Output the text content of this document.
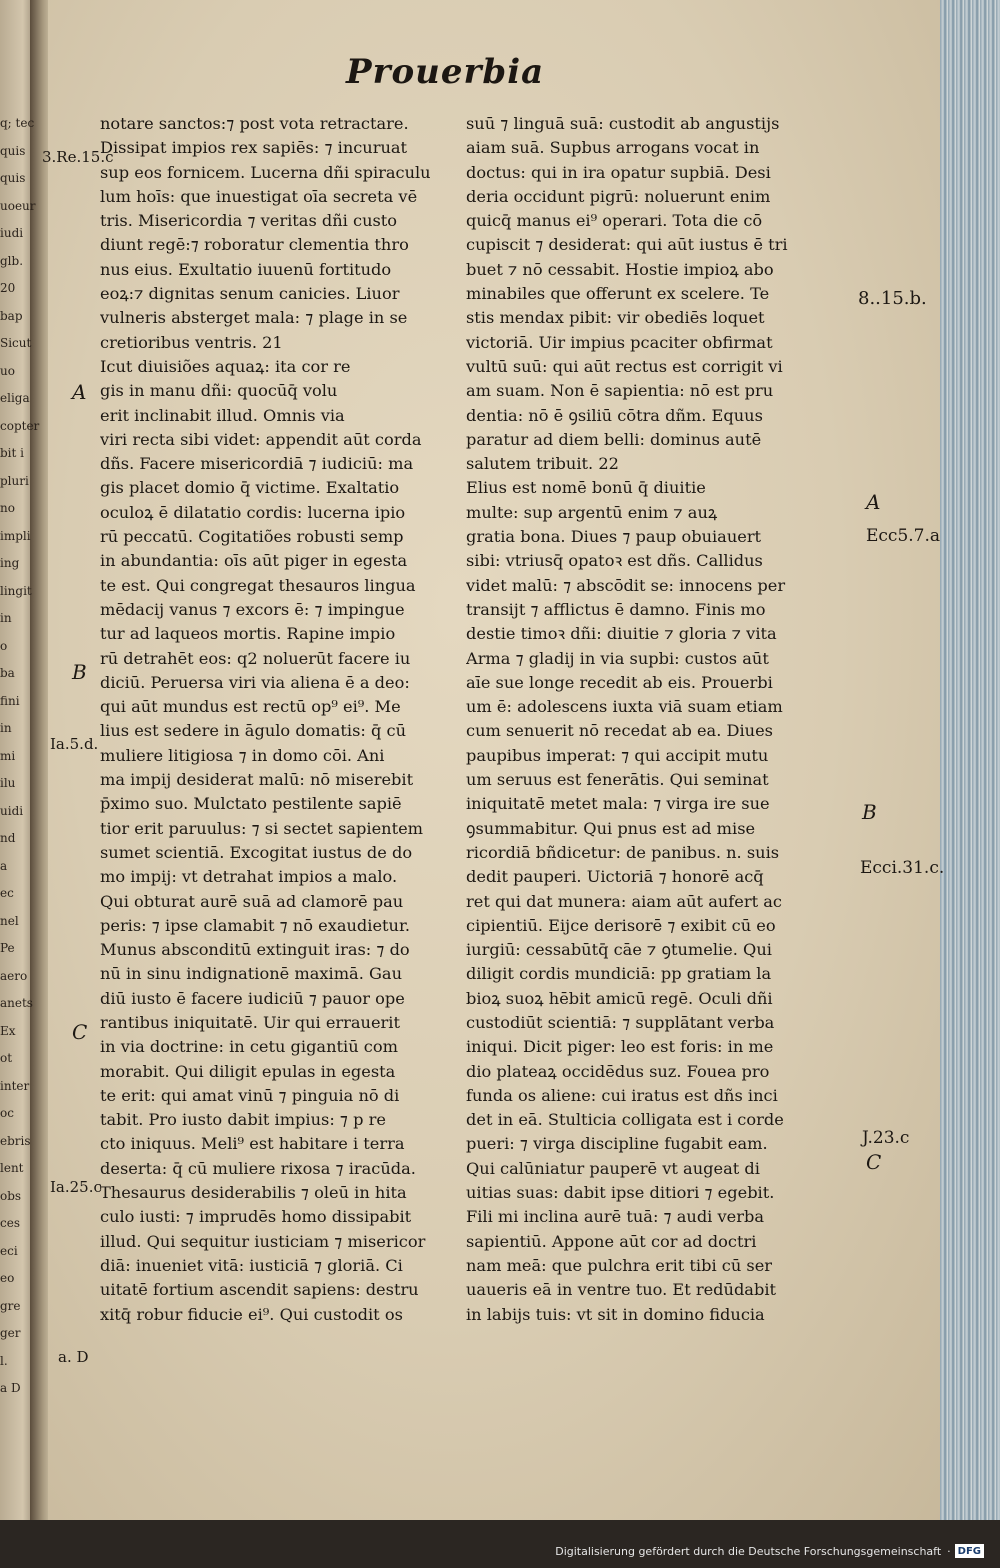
q; tec
quis
quis
uoeur
iudi
glb.
20
bap
Sicut
uo
eliga
copter
bit i
pluri
no
impli
ing
lingit
in
o
ba
fini
in
mi
ilu
uidi
nd
a
ec
nel
Pe
aero
anets
Ex
ot
inter
oc
ebris
lent
obs
ces
eci
eo
gre
ger
l.
a D
Prouerbia
notare sanctos:⁊ post vota retractare.
Dissipat impios rex sapiēs: ⁊ incuruat
sup eos fornicem. Lucerna dñi spiraculu
lum hoīs: que inuestigat oīa secreta vē
tris. Misericordia ⁊ veritas dñi custo
diunt regē:⁊ roboratur clementia thro
nus eius. Exultatio iuuenū fortitudo
eoꝝ:⁊ dignitas senum canicies. Liuor
vulneris absterget mala: ⁊ plage in se
cretioribus ventris. 21
Icut diuisiões aquaꝝ: ita cor re
gis in manu dñi: quocūq̄ volu
erit inclinabit illud. Omnis via
viri recta sibi videt: appendit aūt corda
dñs. Facere misericordiā ⁊ iudiciū: ma
gis placet domio q̄ victime. Exaltatio
oculoꝝ ē dilatatio cordis: lucerna ipio
rū peccatū. Cogitatiões robusti semp
in abundantia: oīs aūt piger in egesta
te est. Qui congregat thesauros lingua
mēdacij vanus ⁊ excors ē: ⁊ impingue
tur ad laqueos mortis. Rapine impio
rū detrahēt eos: q2 noluerūt facere iu
diciū. Peruersa viri via aliena ē a deo:
qui aūt mundus est rectū op⁹ ei⁹. Me
lius est sedere in āgulo domatis: q̄ cū
muliere litigiosa ⁊ in domo cōi. Ani
ma impij desiderat malū: nō miserebit
p̄ximo suo. Mulctato pestilente sapiē
tior erit paruulus: ⁊ si sectet sapientem
sumet scientiā. Excogitat iustus de do
mo impij: vt detrahat impios a malo.
Qui obturat aurē suā ad clamorē pau
peris: ⁊ ipse clamabit ⁊ nō exaudietur.
Munus absconditū extinguit iras: ⁊ do
nū in sinu indignationē maximā. Gau
diū iusto ē facere iudiciū ⁊ pauor ope
rantibus iniquitatē. Uir qui errauerit
in via doctrine: in cetu gigantiū com
morabit. Qui diligit epulas in egesta
te erit: qui amat vinū ⁊ pinguia nō di
tabit. Pro iusto dabit impius: ⁊ p re
cto iniquus. Meli⁹ est habitare i terra
deserta: q̄ cū muliere rixosa ⁊ iracūda.
Thesaurus desiderabilis ⁊ oleū in hita
culo iusti: ⁊ imprudēs homo dissipabit
illud. Qui sequitur iusticiam ⁊ misericor
diā: inueniet vitā: iusticiā ⁊ gloriā. Ci
uitatē fortium ascendit sapiens: destru
xitq̄ robur fiducie ei⁹. Qui custodit os
suū ⁊ linguā suā: custodit ab angustijs
aiam suā. Supbus arrogans vocat in
doctus: qui in ira opatur supbiā. Desi
deria occidunt pigrū: noluerunt enim
quicq̄ manus ei⁹ operari. Tota die cō
cupiscit ⁊ desiderat: qui aūt iustus ē tri
buet ⁊ nō cessabit. Hostie impioꝝ abo
minabiles que offerunt ex scelere. Te
stis mendax pibit: vir obediēs loquet
victoriā. Uir impius pcaciter obfirmat
vultū suū: qui aūt rectus est corrigit vi
am suam. Non ē sapientia: nō est pru
dentia: nō ē ꝯsiliū cōtra dñm. Equus
paratur ad diem belli: dominus autē
salutem tribuit. 22
Elius est nomē bonū q̄ diuitie
multe: sup argentū enim ⁊ auꝝ
gratia bona. Diues ⁊ paup obuiauert
sibi: vtriusq̄ opatoꝛ est dñs. Callidus
videt malū: ⁊ abscōdit se: innocens per
transijt ⁊ afflictus ē damno. Finis mo
destie timoꝛ dñi: diuitie ⁊ gloria ⁊ vita
Arma ⁊ gladij in via supbi: custos aūt
aīe sue longe recedit ab eis. Prouerbi
um ē: adolescens iuxta viā suam etiam
cum senuerit nō recedat ab ea. Diues
paupibus imperat: ⁊ qui accipit mutu
um seruus est fenerātis. Qui seminat
iniquitatē metet mala: ⁊ virga ire sue
ꝯsummabitur. Qui pnus est ad mise
ricordiā bñdicetur: de panibus. n. suis
dedit pauperi. Uictoriā ⁊ honorē acq̄
ret qui dat munera: aiam aūt aufert ac
cipientiū. Eijce derisorē ⁊ exibit cū eo
iurgiū: cessabūtq̄ cāe ⁊ ꝯtumelie. Qui
diligit cordis mundiciā: pp gratiam la
bioꝝ suoꝝ hēbit amicū regē. Oculi dñi
custodiūt scientiā: ⁊ supplātant verba
iniqui. Dicit piger: leo est foris: in me
dio plateaꝝ occidēdus suz. Fouea pro
funda os aliene: cui iratus est dñs inci
det in eā. Stulticia colligata est i corde
pueri: ⁊ virga discipline fugabit eam.
Qui calūniatur pauperē vt augeat di
uitias suas: dabit ipse ditiori ⁊ egebit.
Fili mi inclina aurē tuā: ⁊ audi verba
sapientiū. Appone aūt cor ad doctri
nam meā: que pulchra erit tibi cū ser
uaueris eā in ventre tuo. Et redūdabit
in labijs tuis: vt sit in domino fiducia
3.Re.15.c
A
B
Ia.5.d.
C
Ia.25.c
a. D
8..15.b.
A
Ecc5.7.a
B
Ecci.31.c.
J.23.c
C
Digitalisierung gefördert durch die Deutsche Forschungsgemeinschaft · DFG
